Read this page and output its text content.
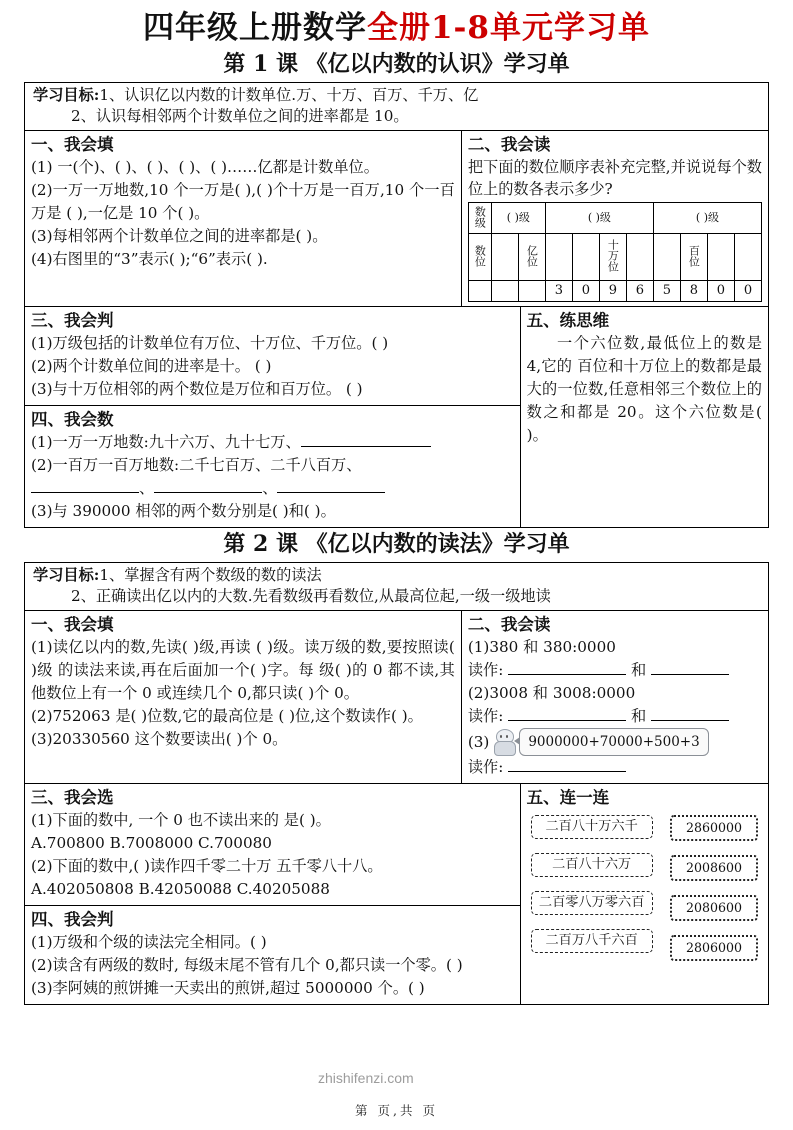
四年级上册数学全册1-8单元学习单
第 1 课 《亿以内数的认识》学习单
学习目标:1、认识亿以内数的计数单位.万、十万、百万、千万、亿
2、认识每相邻两个计数单位之间的进率都是 10。
一、我会填

(1) 一(个)、( )、( )、( )、( )……亿都是计数单位。

(2)一万一万地数,10 个一万是( ),( )个十万是一百万,10 个一百万是 ( ),一亿是 10 个( )。

(3)每相邻两个计数单位之间的进率都是( )。

(4)右图里的“3”表示( );“6”表示( ).

二、我会读

把下面的数位顺序表补充完整,并说说每个数位上的数各表示多少?

数级	( )级		( )级				( )级			
数位		亿位			十万位			百位		
			3	0	9	6	5	8	0	0
三、我会判

(1)万级包括的计数单位有万位、十万位、千万位。( )

(2)两个计数单位间的进率是十。 ( )

(3)与十万位相邻的两个数位是万位和百万位。 ( )

四、我会数

(1)一万一万地数:九十六万、九十七万、

(2)一百万一百万地数:二千七百万、二千八百万、

、	、

(3)与 390000 相邻的两个数分别是( )和( )。

五、练思维

一个六位数,最低位上的数是 4,它的 百位和十万位上的数都是最大的一位数,任意相邻三个数位上的数之和都是 20。这个六位数是( )。

第 2 课 《亿以内数的读法》学习单
学习目标:1、掌握含有两个数级的数的读法
2、正确读出亿以内的大数.先看数级再看数位,从最高位起,一级一级地读
一、我会填

(1)读亿以内的数,先读( )级,再读 ( )级。读万级的数,要按照读( )级 的读法来读,再在后面加一个( )字。每 级( )的 0 都不读,其他数位上有一个 0 或连续几个 0,都只读( )个 0。

(2)752063 是( )位数,它的最高位是 ( )位,这个数读作( )。

(3)20330560 这个数要读出( )个 0。

二、我会读

(1)380 和 380:0000

读作:	和

(2)3008 和 3008:0000

读作:	和

(3)	9000000+70000+500+3

读作:

三、我会选

(1)下面的数中, 一个 0 也不读出来的 是( )。

A.700800 B.7008000 C.700080

(2)下面的数中,( )读作四千零二十万 五千零八十八。

A.402050808 B.42050088 C.40205088

四、我会判

(1)万级和个级的读法完全相同。( )

(2)读含有两级的数时, 每级末尾不管有几个 0,都只读一个零。( )

(3)李阿姨的煎饼摊一天卖出的煎饼,超过 5000000 个。( )

五、连一连
二百八十万六千
二百八十六万
二百零八万零六百
二百万八千六百
2860000
2008600
2080600
2806000
zhishifenzi.com
第 页,共 页
